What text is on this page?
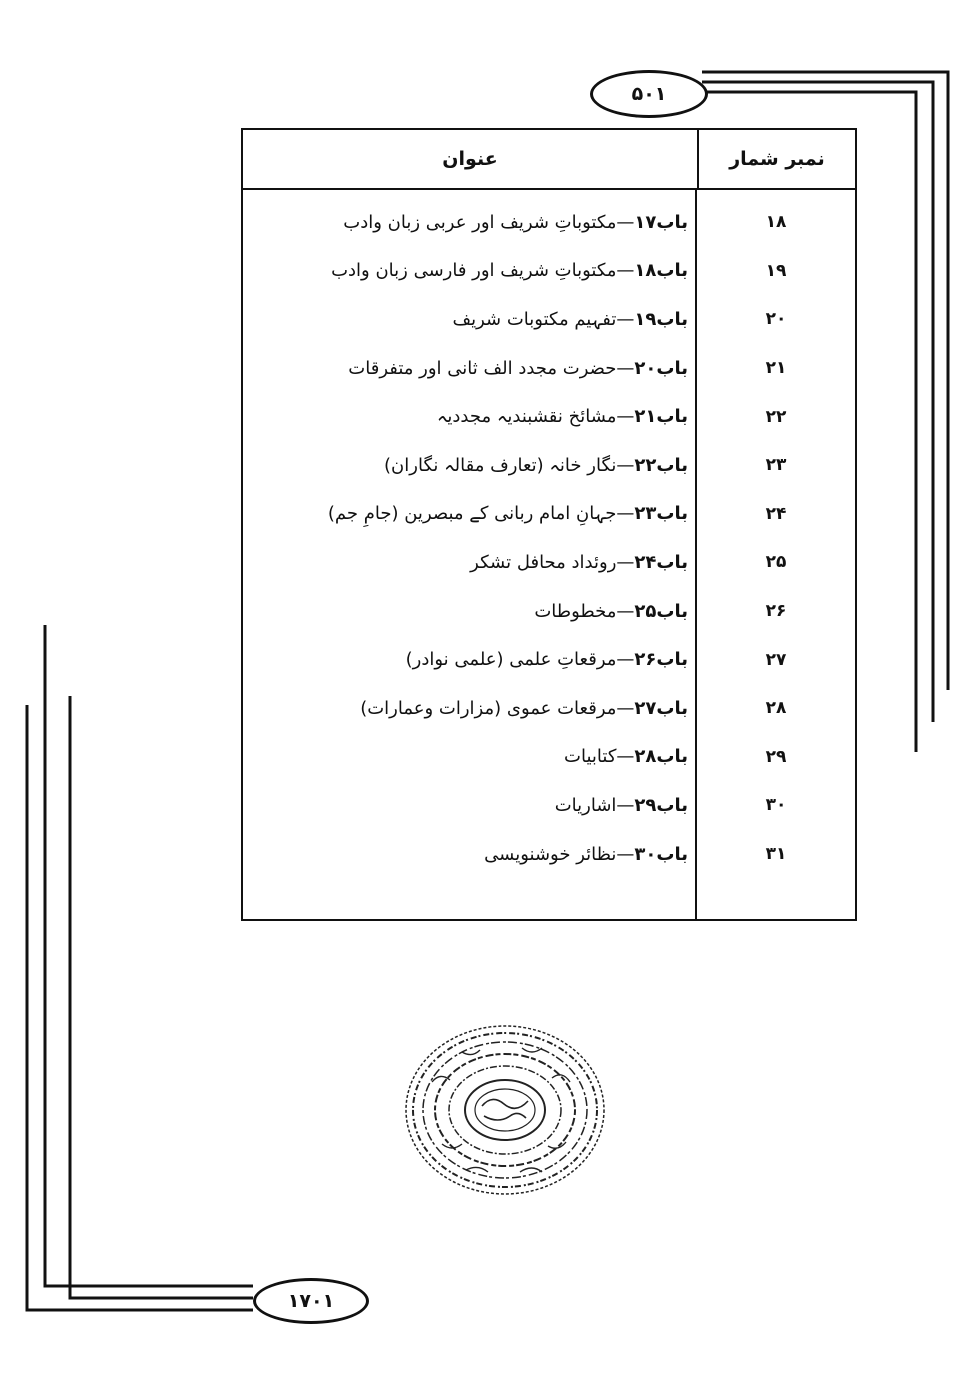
۵۰۱
نمبر شمار
عنوان
۱۸
باب۱۷—مکتوباتِ شریف اور عربی زبان وادب
۱۹
باب۱۸—مکتوباتِ شریف اور فارسی زبان وادب
۲۰
باب۱۹—تفہیم مکتوبات شریف
۲۱
باب۲۰—حضرت مجدد الف ثانی اور متفرقات
۲۲
باب۲۱—مشائخ نقشبندیہ مجددیہ
۲۳
باب۲۲—نگار خانہ (تعارف مقالہ نگاران)
۲۴
باب۲۳—جہانِ امام ربانی کے مبصرین (جامِ جم)
۲۵
باب۲۴—روئداد محافل تشکر
۲۶
باب۲۵—مخطوطات
۲۷
باب۲۶—مرقعاتِ علمی (علمی نوادر)
۲۸
باب۲۷—مرقعات عموی (مزارات وعمارات)
۲۹
باب۲۸—کتابیات
۳۰
باب۲۹—اشاریات
۳۱
باب۳۰—نظائر خوشنویسی
۱۷۰۱
